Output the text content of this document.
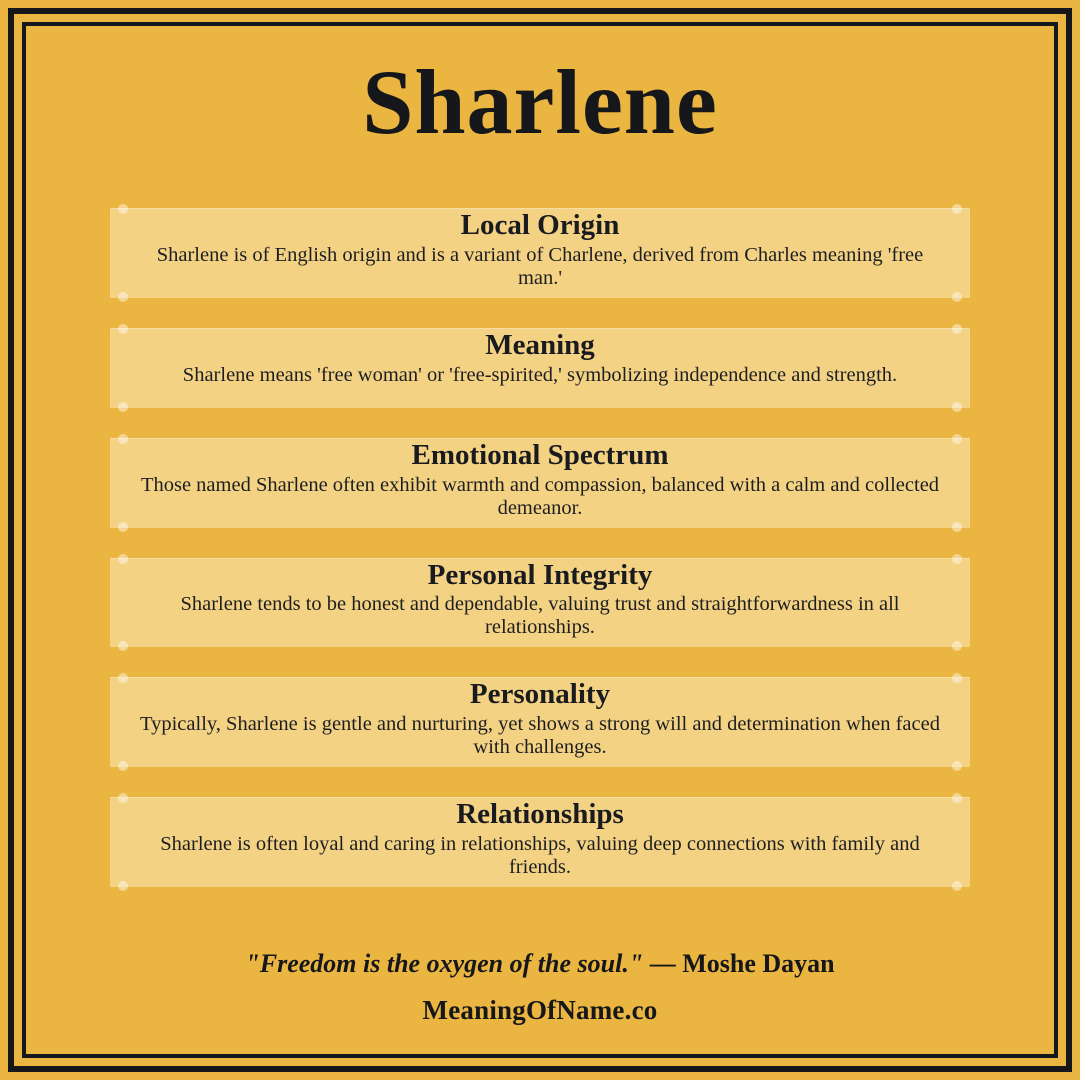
Sharlene
Local Origin
Sharlene is of English origin and is a variant of Charlene, derived from Charles meaning 'free man.'
Meaning
Sharlene means 'free woman' or 'free-spirited,' symbolizing independence and strength.
Emotional Spectrum
Those named Sharlene often exhibit warmth and compassion, balanced with a calm and collected demeanor.
Personal Integrity
Sharlene tends to be honest and dependable, valuing trust and straightforwardness in all relationships.
Personality
Typically, Sharlene is gentle and nurturing, yet shows a strong will and determination when faced with challenges.
Relationships
Sharlene is often loyal and caring in relationships, valuing deep connections with family and friends.
"Freedom is the oxygen of the soul." — Moshe Dayan
MeaningOfName.co
